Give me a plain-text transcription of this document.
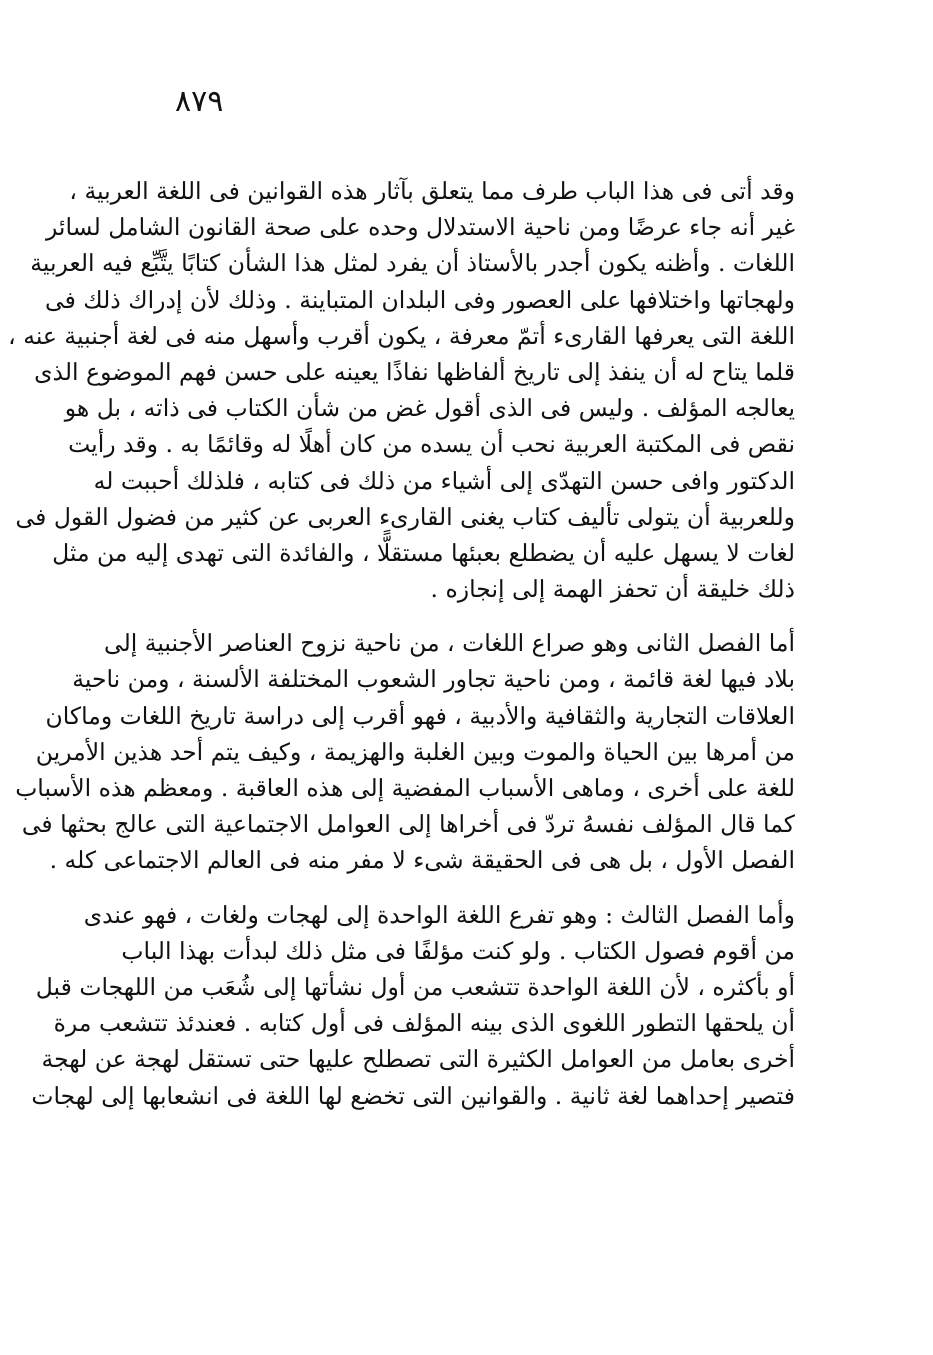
٨٧٩
وقد أتى فى هذا الباب طرف مما يتعلق بآثار هذه القوانين فى اللغة العربية ،
غير أنه جاء عرضًا ومن ناحية الاستدلال وحده على صحة القانون الشامل لسائر
اللغات . وأظنه يكون أجدر بالأستاذ أن يفرد لمثل هذا الشأن كتابًا يتَّبِّع فيه العربية
ولهجاتها واختلافها على العصور وفى البلدان المتباينة . وذلك لأن إدراك ذلك فى
اللغة التى يعرفها القارىء أتمّ معرفة ، يكون أقرب وأسهل منه فى لغة أجنبية عنه ،
قلما يتاح له أن ينفذ إلى تاريخ ألفاظها نفاذًا يعينه على حسن فهم الموضوع الذى
يعالجه المؤلف . وليس فى الذى أقول غض من شأن الكتاب فى ذاته ، بل هو
نقص فى المكتبة العربية نحب أن يسده من كان أهلًا له وقائمًا به . وقد رأيت
الدكتور وافى حسن التهدّى إلى أشياء من ذلك فى كتابه ، فلذلك أحببت له
وللعربية أن يتولى تأليف كتاب يغنى القارىء العربى عن كثير من فضول القول فى
لغات لا يسهل عليه أن يضطلع بعبئها مستقلًّا ، والفائدة التى تهدى إليه من مثل
ذلك خليقة أن تحفز الهمة إلى إنجازه .
أما الفصل الثانى وهو صراع اللغات ، من ناحية نزوح العناصر الأجنبية إلى
بلاد فيها لغة قائمة ، ومن ناحية تجاور الشعوب المختلفة الألسنة ، ومن ناحية
العلاقات التجارية والثقافية والأدبية ، فهو أقرب إلى دراسة تاريخ اللغات وماكان
من أمرها بين الحياة والموت وبين الغلبة والهزيمة ، وكيف يتم أحد هذين الأمرين
للغة على أخرى ، وماهى الأسباب المفضية إلى هذه العاقبة . ومعظم هذه الأسباب
كما قال المؤلف نفسهُ تردّ فى أخراها إلى العوامل الاجتماعية التى عالج بحثها فى
الفصل الأول ، بل هى فى الحقيقة شىء لا مفر منه فى العالم الاجتماعى كله .
وأما الفصل الثالث : وهو تفرع اللغة الواحدة إلى لهجات ولغات ، فهو عندى
من أقوم فصول الكتاب . ولو كنت مؤلفًا فى مثل ذلك لبدأت بهذا الباب
أو بأكثره ، لأن اللغة الواحدة تتشعب من أول نشأتها إلى شُعَب من اللهجات قبل
أن يلحقها التطور اللغوى الذى بينه المؤلف فى أول كتابه . فعندئذ تتشعب مرة
أخرى بعامل من العوامل الكثيرة التى تصطلح عليها حتى تستقل لهجة عن لهجة
فتصير إحداهما لغة ثانية . والقوانين التى تخضع لها اللغة فى انشعابها إلى لهجات
